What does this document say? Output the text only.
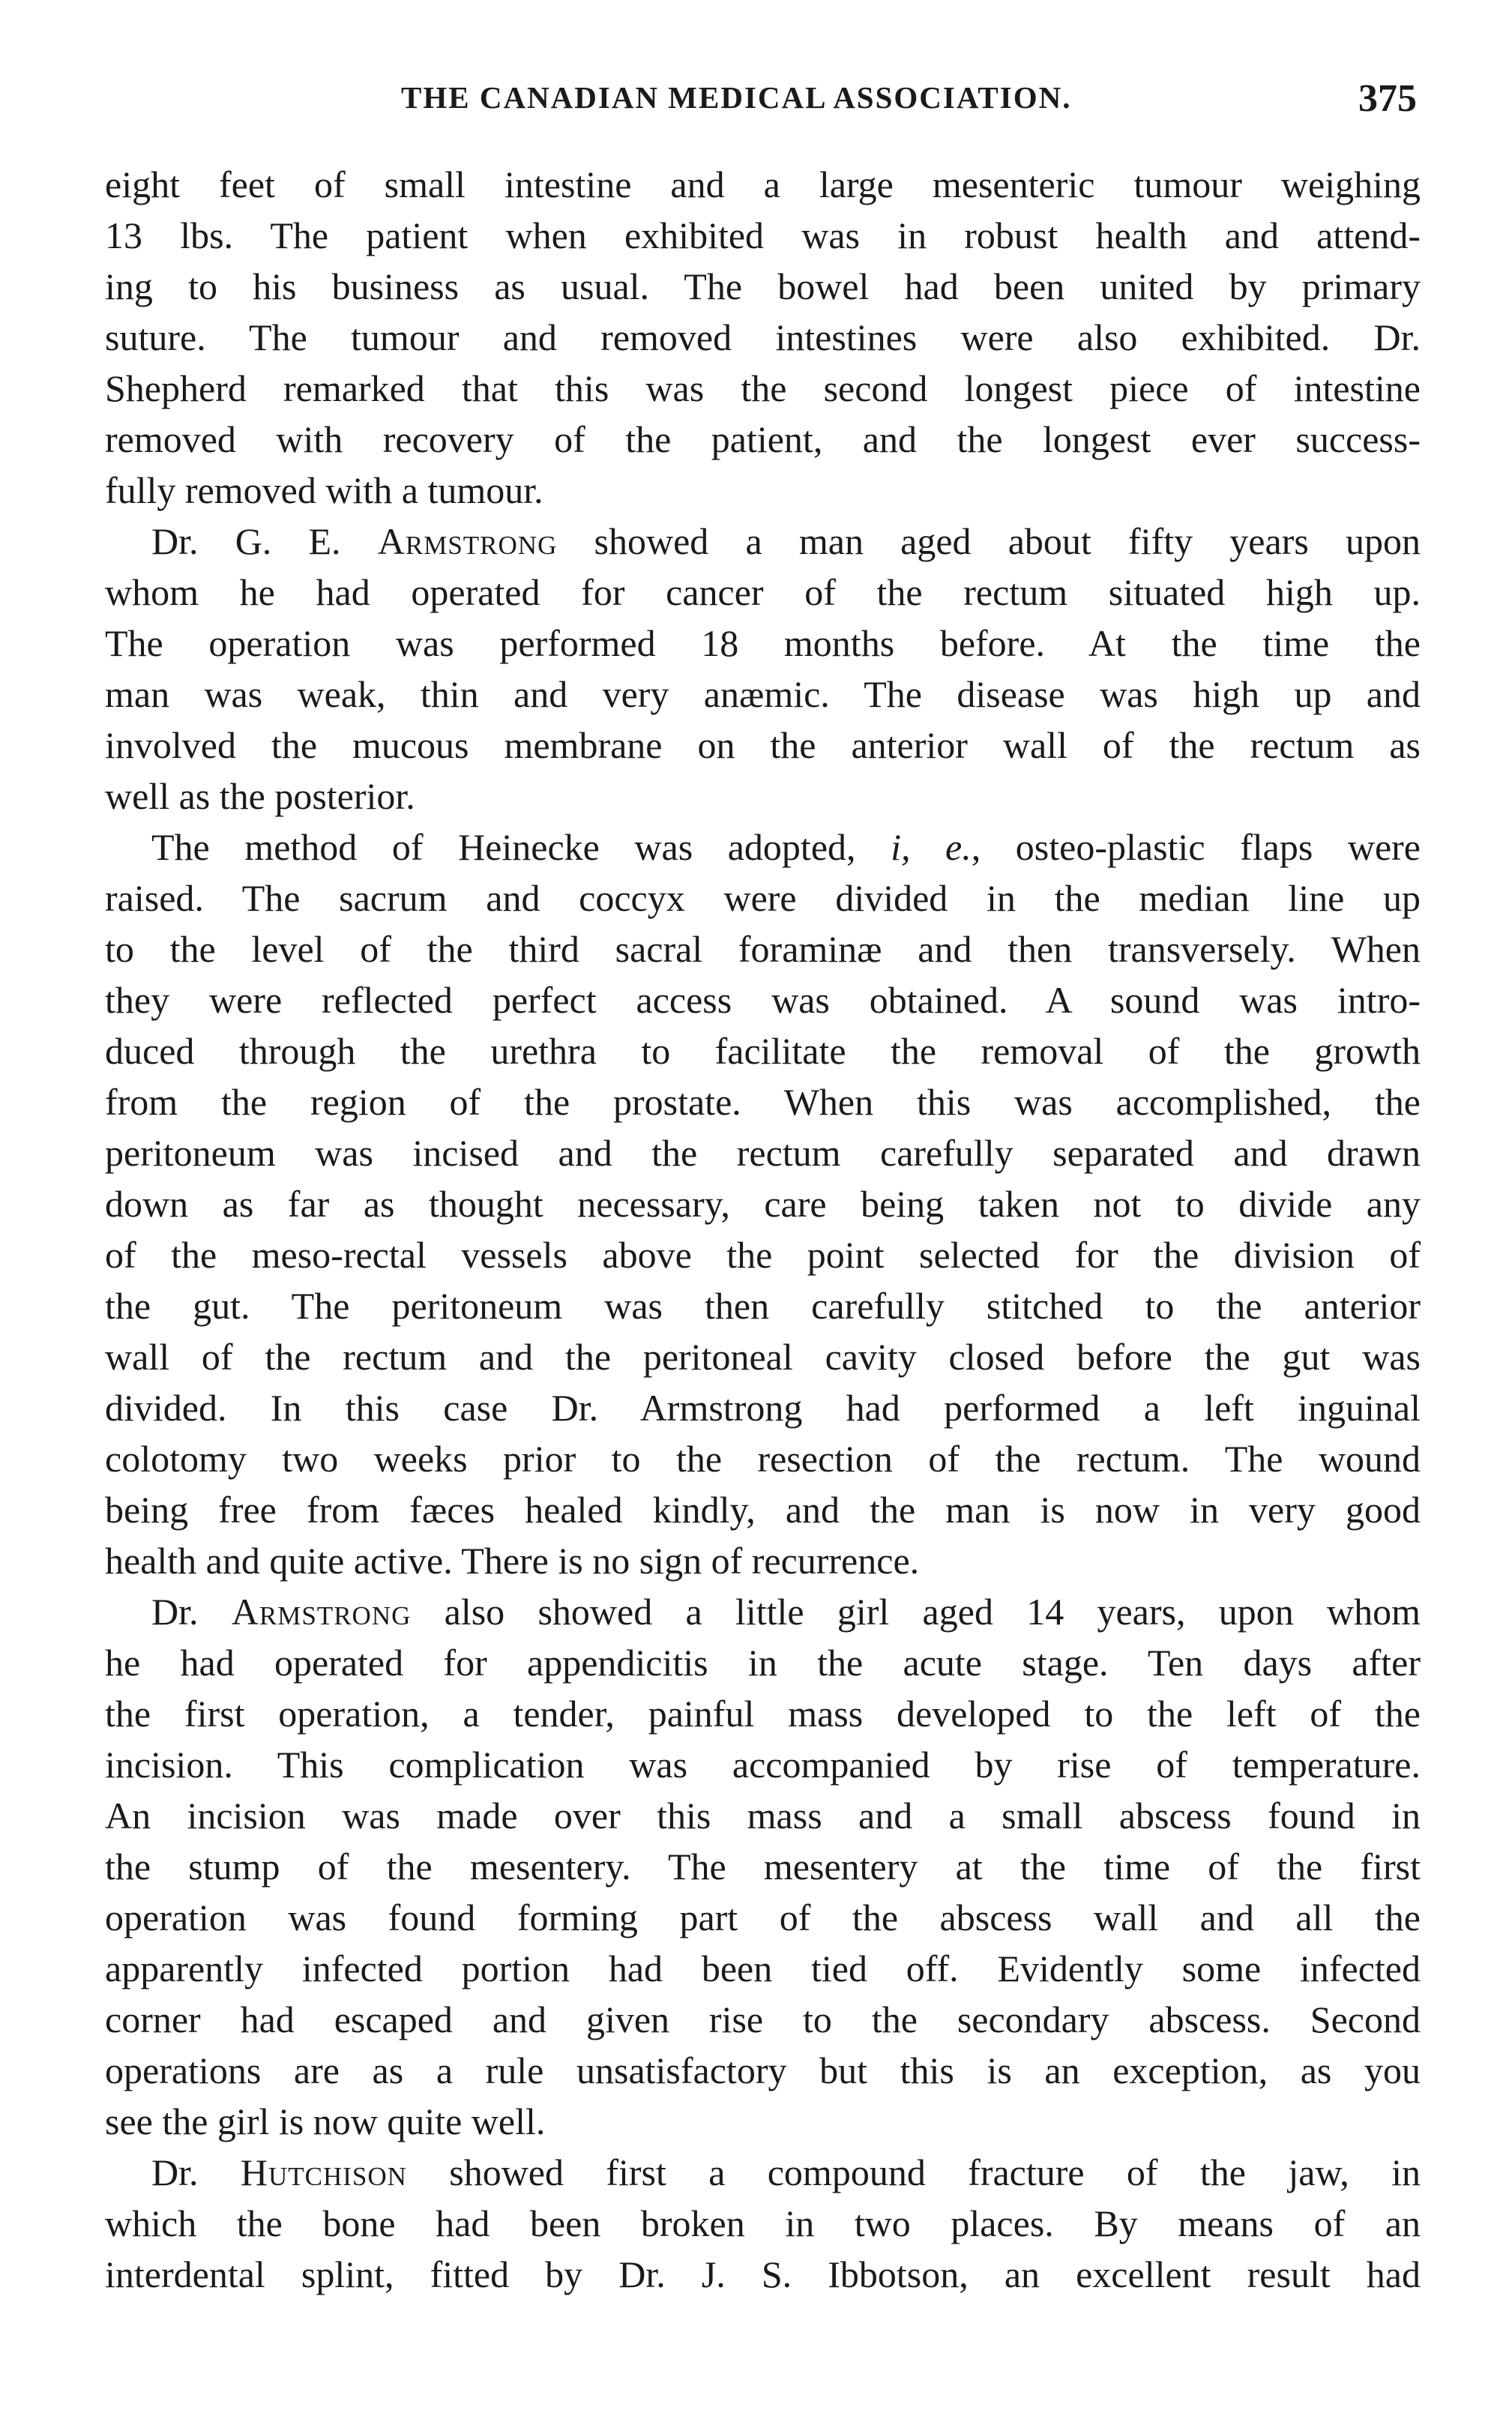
THE CANADIAN MEDICAL ASSOCIATION.	375

eight feet of small intestine and a large mesenteric tumour weighing
13 lbs. The patient when exhibited was in robust health and attend-
ing to his business as usual. The bowel had been united by primary
suture. The tumour and removed intestines were also exhibited. Dr.
Shepherd remarked that this was the second longest piece of intestine
removed with recovery of the patient, and the longest ever success-
fully removed with a tumour.

Dr. G. E. Armstrong showed a man aged about fifty years upon
whom he had operated for cancer of the rectum situated high up.
The operation was performed 18 months before. At the time the
man was weak, thin and very anæmic. The disease was high up and
involved the mucous membrane on the anterior wall of the rectum as
well as the posterior.

The method of Heinecke was adopted, i, e., osteo-plastic flaps were
raised. The sacrum and coccyx were divided in the median line up
to the level of the third sacral foraminæ and then transversely. When
they were reflected perfect access was obtained. A sound was intro-
duced through the urethra to facilitate the removal of the growth
from the region of the prostate. When this was accomplished, the
peritoneum was incised and the rectum carefully separated and drawn
down as far as thought necessary, care being taken not to divide any
of the meso-rectal vessels above the point selected for the division of
the gut. The peritoneum was then carefully stitched to the anterior
wall of the rectum and the peritoneal cavity closed before the gut was
divided. In this case Dr. Armstrong had performed a left inguinal
colotomy two weeks prior to the resection of the rectum. The wound
being free from fæces healed kindly, and the man is now in very good
health and quite active. There is no sign of recurrence.

Dr. Armstrong also showed a little girl aged 14 years, upon whom
he had operated for appendicitis in the acute stage. Ten days after
the first operation, a tender, painful mass developed to the left of the
incision. This complication was accompanied by rise of temperature.
An incision was made over this mass and a small abscess found in
the stump of the mesentery. The mesentery at the time of the first
operation was found forming part of the abscess wall and all the
apparently infected portion had been tied off. Evidently some infected
corner had escaped and given rise to the secondary abscess. Second
operations are as a rule unsatisfactory but this is an exception, as you
see the girl is now quite well.

Dr. Hutchison showed first a compound fracture of the jaw, in
which the bone had been broken in two places. By means of an
interdental splint, fitted by Dr. J. S. Ibbotson, an excellent result had
